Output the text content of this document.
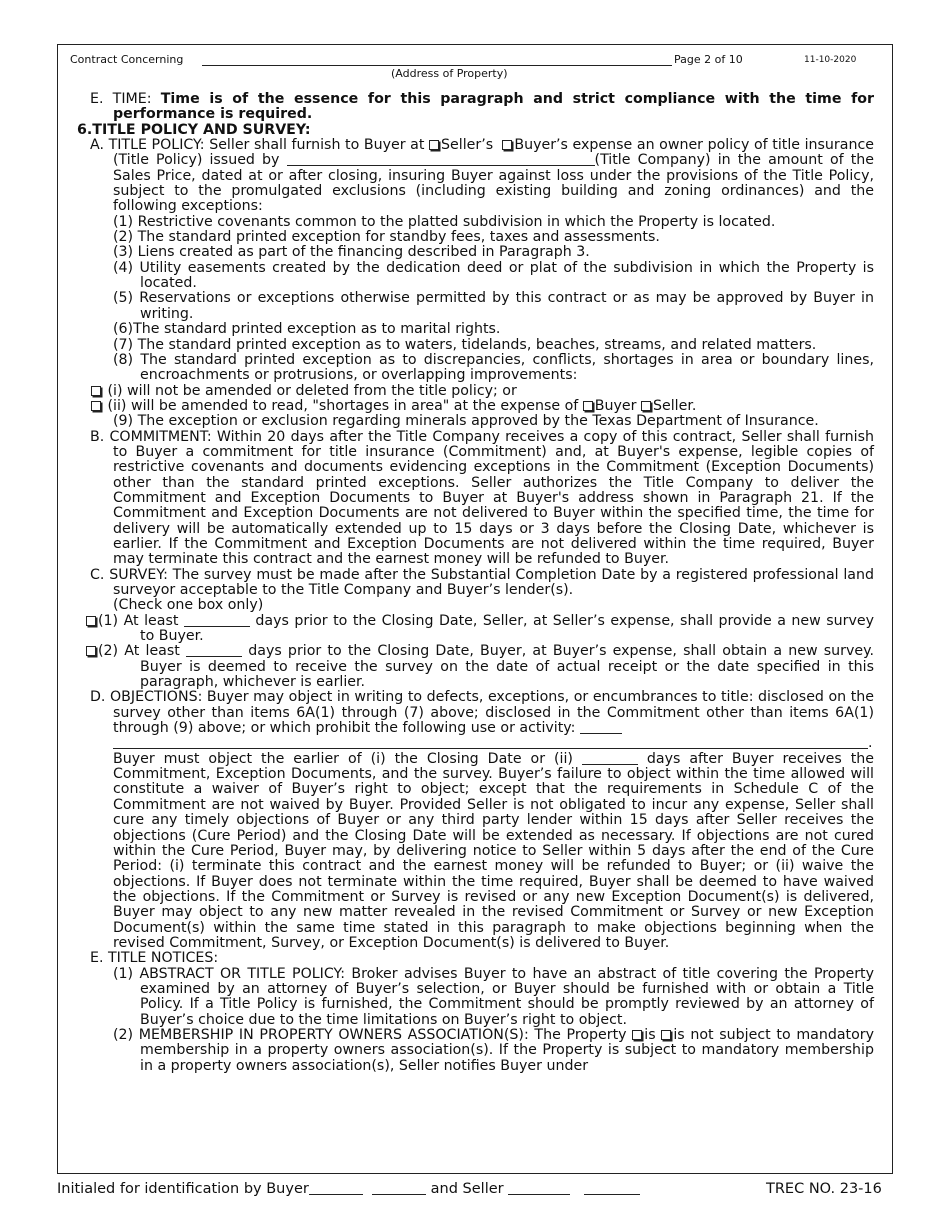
Contract Concerning
(Address of Property)
Page 2 of 10	11-10-2020
E. TIME: Time is of the essence for this paragraph and strict compliance with the time for performance is required.
6.TITLE POLICY AND SURVEY:
A. TITLE POLICY: Seller shall furnish to Buyer at Seller’s Buyer’s expense an owner policy of title insurance (Title Policy) issued by	(Title Company) in the amount of the Sales Price, dated at or after closing, insuring Buyer against loss under the provisions of the Title Policy, subject to the promulgated exclusions (including existing building and zoning ordinances) and the following exceptions:
(1) Restrictive covenants common to the platted subdivision in which the Property is located.
(2) The standard printed exception for standby fees, taxes and assessments.
(3) Liens created as part of the financing described in Paragraph 3.
(4) Utility easements created by the dedication deed or plat of the subdivision in which the Property is located.
(5) Reservations or exceptions otherwise permitted by this contract or as may be approved by Buyer in writing.
(6)The standard printed exception as to marital rights.
(7) The standard printed exception as to waters, tidelands, beaches, streams, and related matters.
(8) The standard printed exception as to discrepancies, conflicts, shortages in area or boundary lines, encroachments or protrusions, or overlapping improvements:
(i) will not be amended or deleted from the title policy; or
(ii) will be amended to read, "shortages in area" at the expense of Buyer Seller.
(9) The exception or exclusion regarding minerals approved by the Texas Department of Insurance.
B. COMMITMENT: Within 20 days after the Title Company receives a copy of this contract, Seller shall furnish to Buyer a commitment for title insurance (Commitment) and, at Buyer's expense, legible copies of restrictive covenants and documents evidencing exceptions in the Commitment (Exception Documents) other than the standard printed exceptions. Seller authorizes the Title Company to deliver the Commitment and Exception Documents to Buyer at Buyer's address shown in Paragraph 21. If the Commitment and Exception Documents are not delivered to Buyer within the specified time, the time for delivery will be automatically extended up to 15 days or 3 days before the Closing Date, whichever is earlier. If the Commitment and Exception Documents are not delivered within the time required, Buyer may terminate this contract and the earnest money will be refunded to Buyer.
C. SURVEY: The survey must be made after the Substantial Completion Date by a registered professional land surveyor acceptable to the Title Company and Buyer’s lender(s).
(Check one box only)
(1) At least	days prior to the Closing Date, Seller, at Seller’s expense, shall provide a new survey to Buyer.
(2) At least	days prior to the Closing Date, Buyer, at Buyer’s expense, shall obtain a new survey. Buyer is deemed to receive the survey on the date of actual receipt or the date specified in this paragraph, whichever is earlier.
D. OBJECTIONS: Buyer may object in writing to defects, exceptions, or encumbrances to title: disclosed on the survey other than items 6A(1) through (7) above; disclosed in the Commitment other than items 6A(1) through (9) above; or which prohibit the following use or activity:
.
Buyer must object the earlier of (i) the Closing Date or (ii)	days after Buyer receives the Commitment, Exception Documents, and the survey. Buyer’s failure to object within the time allowed will constitute a waiver of Buyer’s right to object; except that the requirements in Schedule C of the Commitment are not waived by Buyer. Provided Seller is not obligated to incur any expense, Seller shall cure any timely objections of Buyer or any third party lender within 15 days after Seller receives the objections (Cure Period) and the Closing Date will be extended as necessary. If objections are not cured within the Cure Period, Buyer may, by delivering notice to Seller within 5 days after the end of the Cure Period: (i) terminate this contract and the earnest money will be refunded to Buyer; or (ii) waive the objections. If Buyer does not terminate within the time required, Buyer shall be deemed to have waived the objections. If the Commitment or Survey is revised or any new Exception Document(s) is delivered, Buyer may object to any new matter revealed in the revised Commitment or Survey or new Exception Document(s) within the same time stated in this paragraph to make objections beginning when the revised Commitment, Survey, or Exception Document(s) is delivered to Buyer.
E. TITLE NOTICES:
(1) ABSTRACT OR TITLE POLICY: Broker advises Buyer to have an abstract of title covering the Property examined by an attorney of Buyer’s selection, or Buyer should be furnished with or obtain a Title Policy. If a Title Policy is furnished, the Commitment should be promptly reviewed by an attorney of Buyer’s choice due to the time limitations on Buyer’s right to object.
(2) MEMBERSHIP IN PROPERTY OWNERS ASSOCIATION(S): The Property is is not subject to mandatory membership in a property owners association(s). If the Property is subject to mandatory membership in a property owners association(s), Seller notifies Buyer under
Initialed for identification by Buyer	and Seller	TREC NO. 23-16
